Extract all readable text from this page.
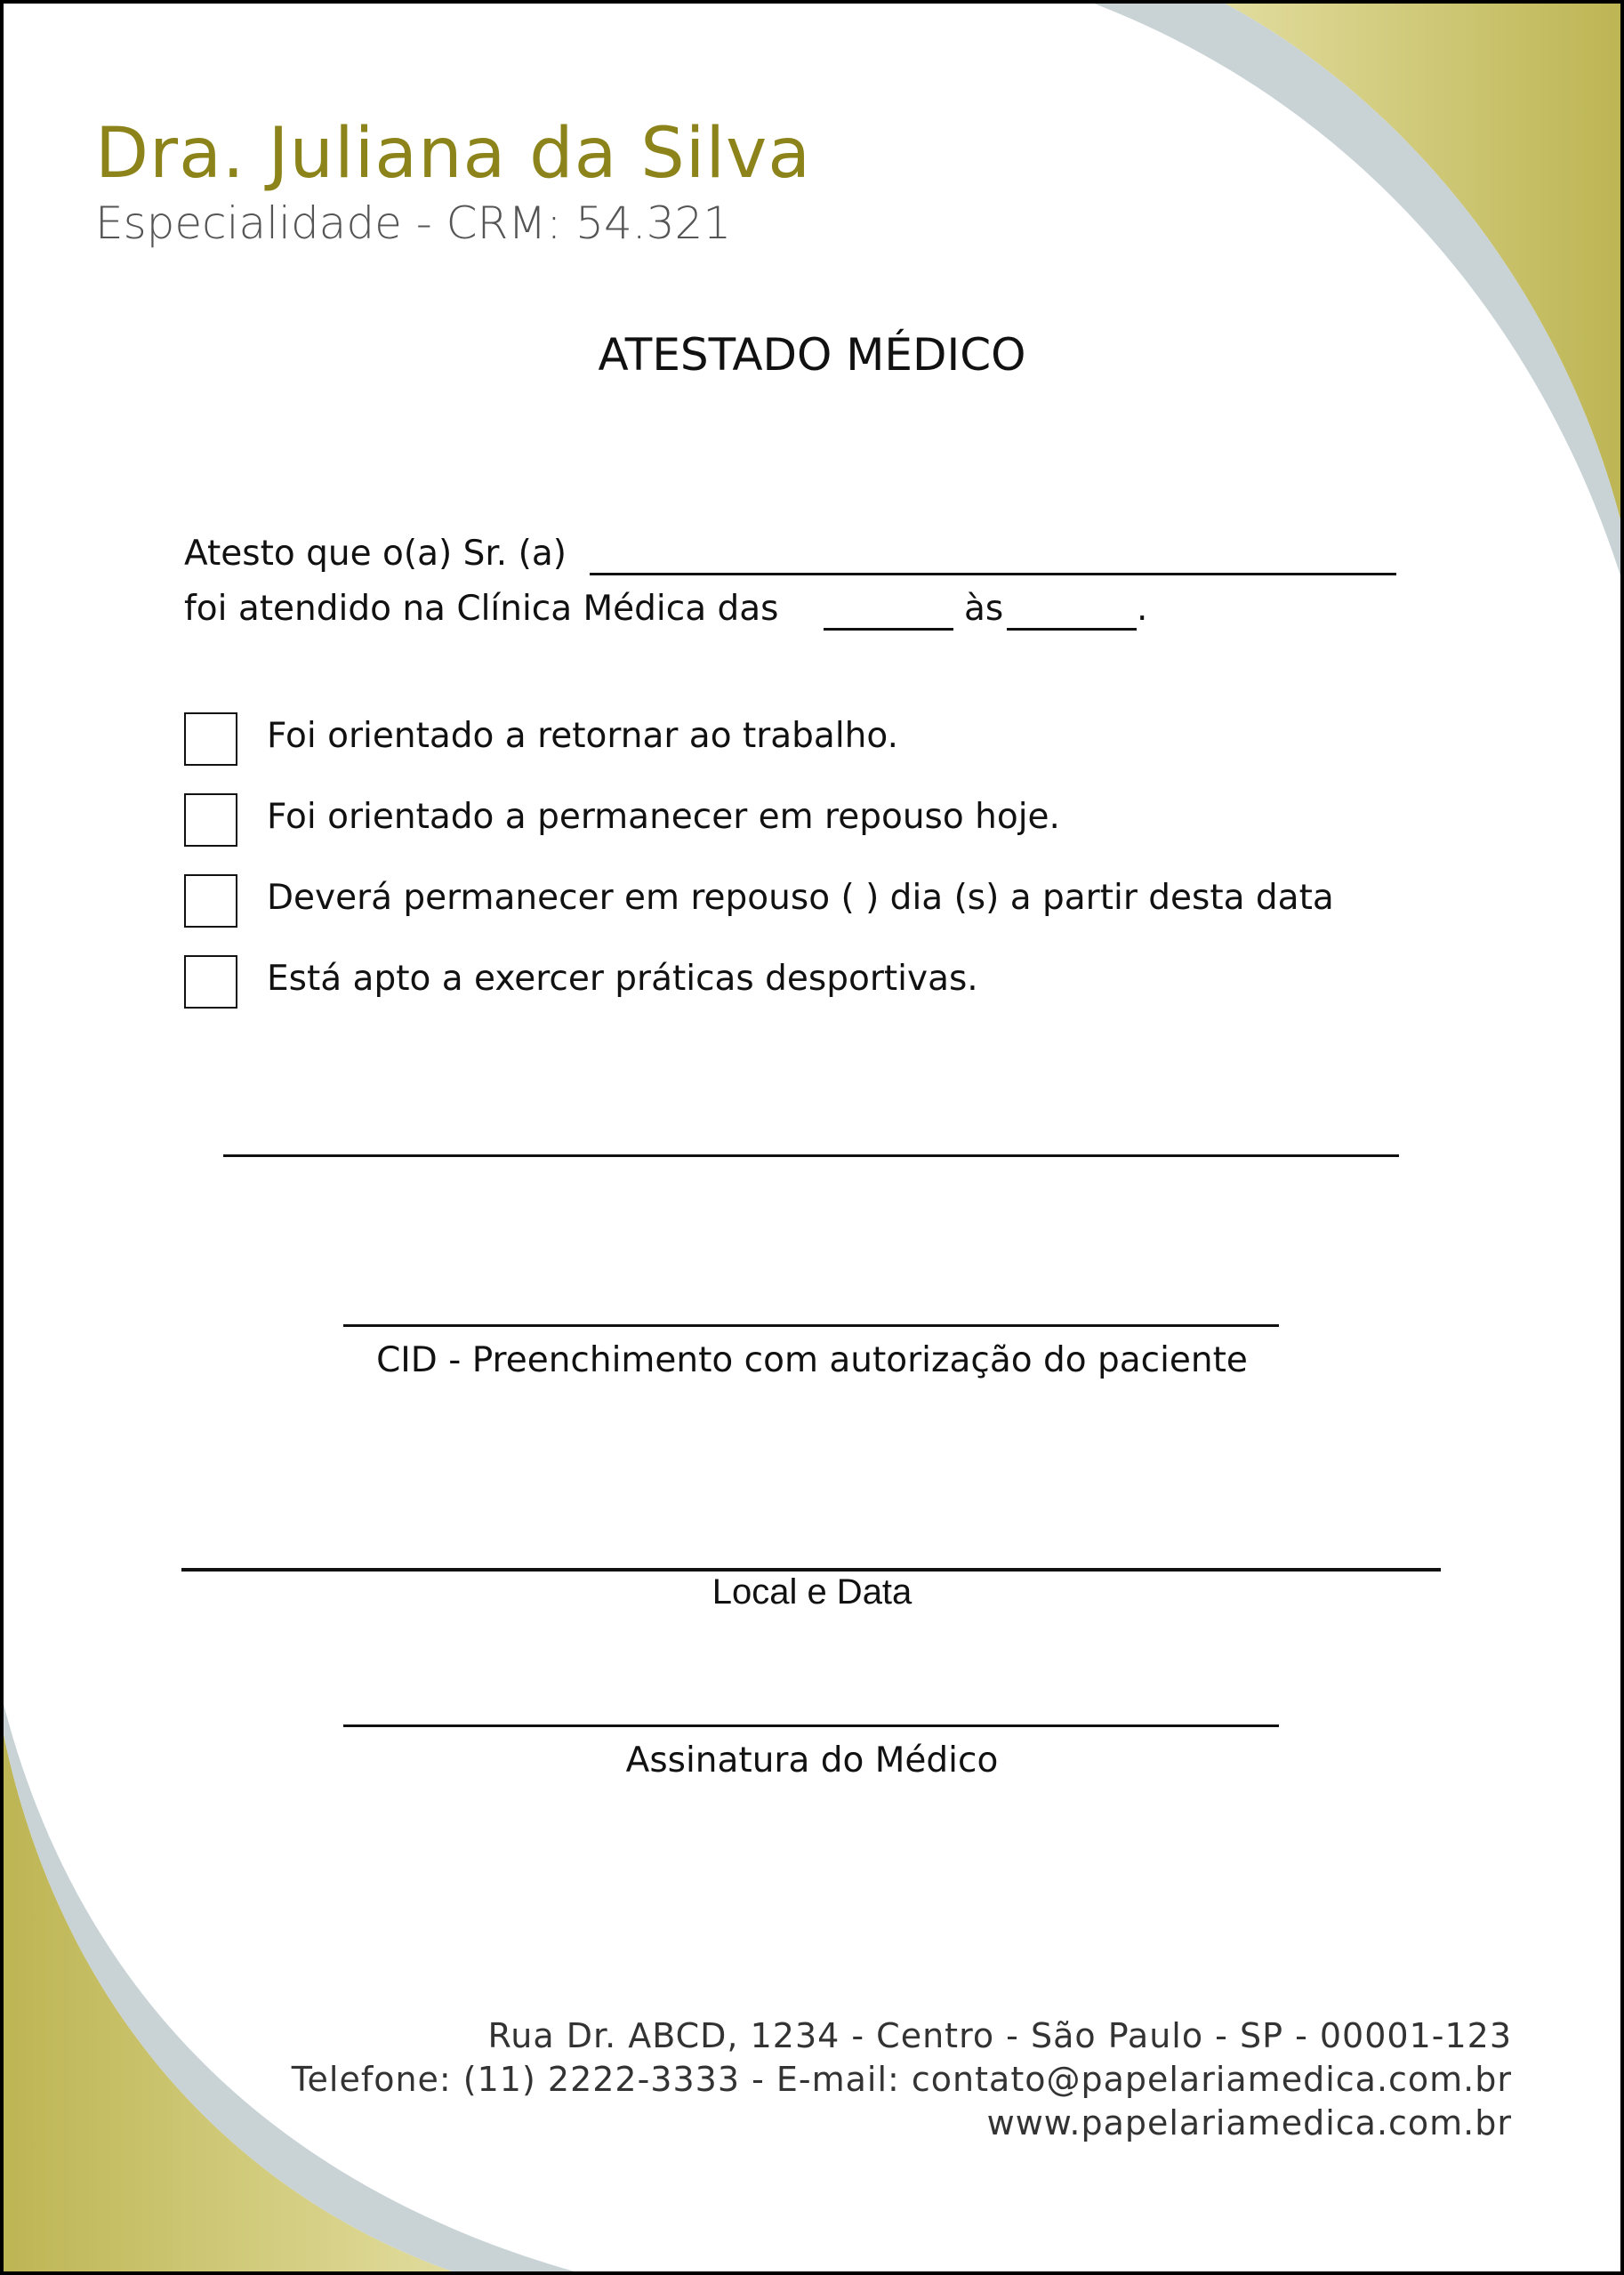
Dra. Juliana da Silva
Especialidade - CRM: 54.321
ATESTADO MÉDICO
Atesto que o(a) Sr. (a)
foi atendido na Clínica Médica das	às	.
Foi orientado a retornar ao trabalho.
Foi orientado a permanecer em repouso hoje.
Deverá permanecer em repouso ( ) dia (s) a partir desta data
Está apto a exercer práticas desportivas.
CID - Preenchimento com autorização do paciente
Local e Data
Assinatura do Médico
Rua Dr. ABCD, 1234 - Centro - São Paulo - SP - 00001-123
Telefone: (11) 2222-3333 - E-mail: contato@papelariamedica.com.br
www.papelariamedica.com.br
